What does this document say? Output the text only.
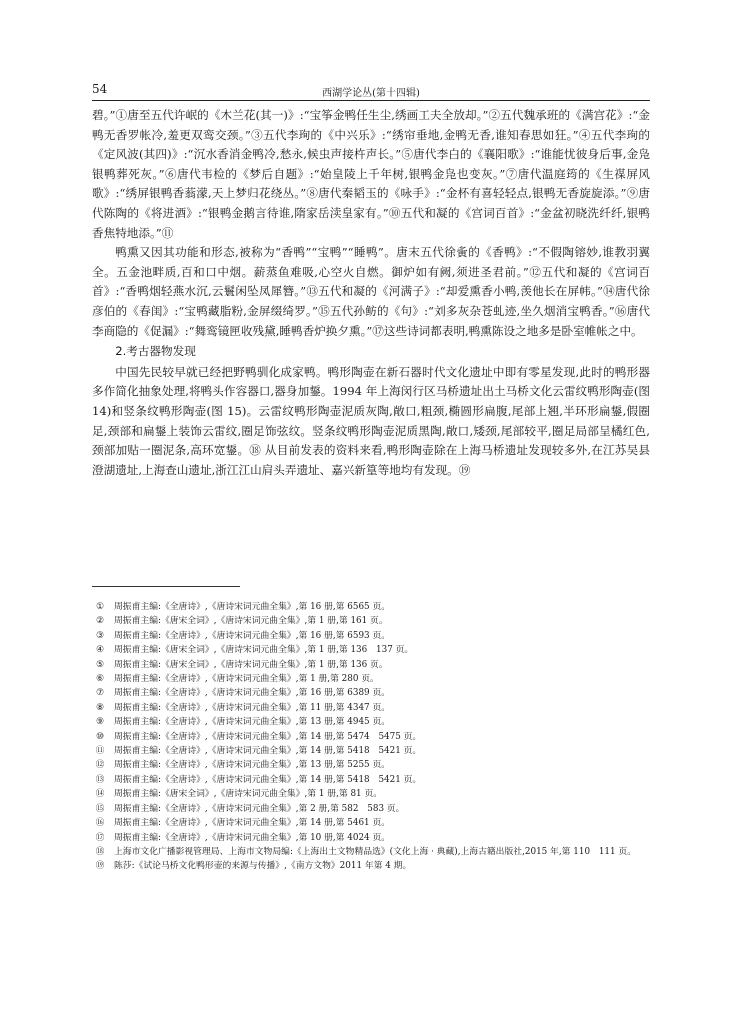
54	西湖学论丛(第十四辑)

碧。”①唐至五代许岷的《木兰花(其一)》:“宝筝金鸭任生尘,绣画工夫全放却。”②五代魏承班的《满宫花》:“金鸭无香罗帐冷,羞更双鸾交颈。”③五代李珣的《中兴乐》:“绣帘垂地,金鸭无香,谁知春思如狂。”④五代李珣的《定风波(其四)》:“沉水香消金鸭冷,愁永,候虫声接杵声长。”⑤唐代李白的《襄阳歌》:“谁能忧彼身后事,金凫银鸭葬死灰。”⑥唐代韦检的《梦后自题》:“始皇陵上千年树,银鸭金凫也变灰。”⑦唐代温庭筠的《生禖屏风歌》:“绣屏银鸭香蓊濛,天上梦归花绕丛。”⑧唐代秦韬玉的《咏手》:“金杯有喜轻轻点,银鸭无香旋旋添。”⑨唐代陈陶的《将进酒》:“银鸭金鹅言待谁,隋家岳渎皇家有。”⑩五代和凝的《宫词百首》:“金盆初晓洗纤纤,银鸭香焦特地添。”⑪

鸭熏又因其功能和形态,被称为“香鸭”“宝鸭”“睡鸭”。唐末五代徐夤的《香鸭》:“不假陶镕妙,谁教羽翼全。五金池畔质,百和口中烟。薪蒸鱼难吸,心空火自燃。御炉如有阙,须进圣君前。”⑫五代和凝的《宫词百首》:“香鸭烟轻燕水沉,云鬟闲坠凤犀簪。”⑬五代和凝的《河满子》:“却爱熏香小鸭,羡他长在屏帏。”⑭唐代徐彦伯的《春闺》:“宝鸭藏脂粉,金屏缀绮罗。”⑮五代孙鲂的《句》:“刘多灰杂苍虬迹,坐久烟消宝鸭香。”⑯唐代李商隐的《促漏》:“舞鸾镜匣收残黛,睡鸭香炉换夕熏。”⑰这些诗词都表明,鸭熏陈设之地多是卧室帷帐之中。

2.考古器物发现

中国先民较早就已经把野鸭驯化成家鸭。鸭形陶壶在新石器时代文化遗址中即有零星发现,此时的鸭形器多作简化抽象处理,将鸭头作容器口,器身加鋬。1994 年上海闵行区马桥遗址出土马桥文化云雷纹鸭形陶壶(图 14)和竖条纹鸭形陶壶(图 15)。云雷纹鸭形陶壶泥质灰陶,敞口,粗颈,椭圆形扁腹,尾部上翘,半环形扁鋬,假圈足,颈部和扁鋬上装饰云雷纹,圈足饰弦纹。竖条纹鸭形陶壶泥质黑陶,敞口,矮颈,尾部较平,圈足局部呈橘红色,颈部加贴一圈泥条,高环宽鋬。⑱ 从目前发表的资料来看,鸭形陶壶除在上海马桥遗址发现较多外,在江苏吴县澄湖遗址,上海查山遗址,浙江江山肩头弄遗址、嘉兴新篁等地均有发现。⑲

①	周振甫主编:《全唐诗》,《唐诗宋词元曲全集》,第 16 册,第 6565 页。
②	周振甫主编:《唐宋全词》,《唐诗宋词元曲全集》,第 1 册,第 161 页。
③	周振甫主编:《全唐诗》,《唐诗宋词元曲全集》,第 16 册,第 6593 页。
④	周振甫主编:《唐宋全词》,《唐诗宋词元曲全集》,第 1 册,第 136　137 页。
⑤	周振甫主编:《唐宋全词》,《唐诗宋词元曲全集》,第 1 册,第 136 页。
⑥	周振甫主编:《全唐诗》,《唐诗宋词元曲全集》,第 1 册,第 280 页。
⑦	周振甫主编:《全唐诗》,《唐诗宋词元曲全集》,第 16 册,第 6389 页。
⑧	周振甫主编:《全唐诗》,《唐诗宋词元曲全集》,第 11 册,第 4347 页。
⑨	周振甫主编:《全唐诗》,《唐诗宋词元曲全集》,第 13 册,第 4945 页。
⑩	周振甫主编:《全唐诗》,《唐诗宋词元曲全集》,第 14 册,第 5474　5475 页。
⑪	周振甫主编:《全唐诗》,《唐诗宋词元曲全集》,第 14 册,第 5418　5421 页。
⑫	周振甫主编:《全唐诗》,《唐诗宋词元曲全集》,第 13 册,第 5255 页。
⑬	周振甫主编:《全唐诗》,《唐诗宋词元曲全集》,第 14 册,第 5418　5421 页。
⑭	周振甫主编:《唐宋全词》,《唐诗宋词元曲全集》,第 1 册,第 81 页。
⑮	周振甫主编:《全唐诗》,《唐诗宋词元曲全集》,第 2 册,第 582　583 页。
⑯	周振甫主编:《全唐诗》,《唐诗宋词元曲全集》,第 14 册,第 5461 页。
⑰	周振甫主编:《全唐诗》,《唐诗宋词元曲全集》,第 10 册,第 4024 页。
⑱	上海市文化广播影视管理局、上海市文物局编:《上海出土文物精品选》(文化上海 · 典藏),上海古籍出版社,2015 年,第 110　111 页。
⑲	陈莎:《试论马桥文化鸭形壶的来源与传播》,《南方文物》2011 年第 4 期。
